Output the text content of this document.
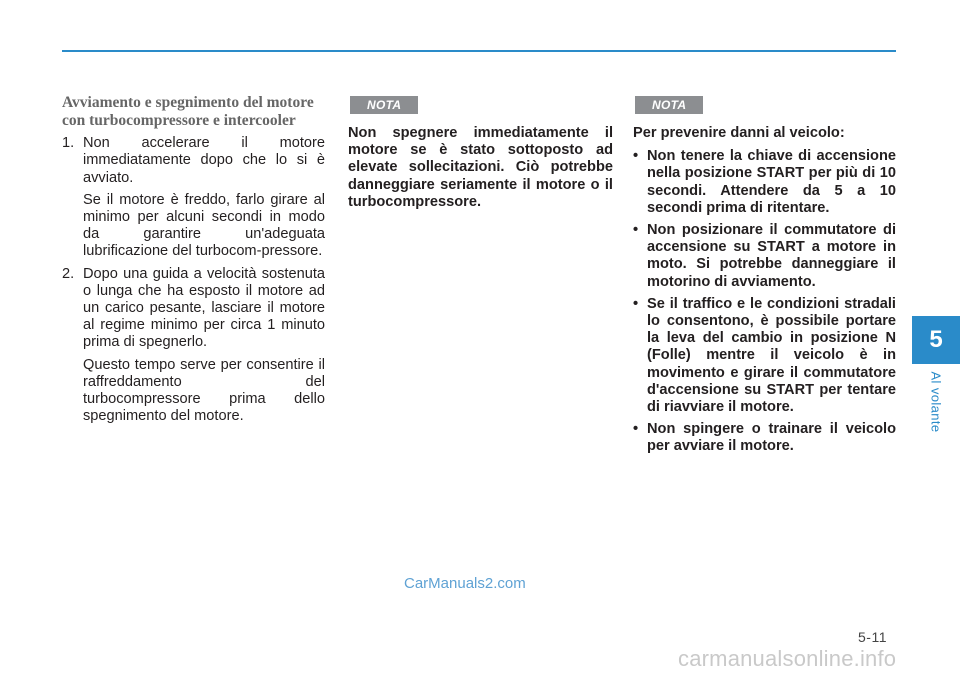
Avviamento e spegnimento del motore con turbocompressore e intercooler
1. Non accelerare il motore immediatamente dopo che lo si è avviato.

Se il motore è freddo, farlo girare al minimo per alcuni secondi in modo da garantire un'adeguata lubrificazione del turbocom-pressore.

2. Dopo una guida a velocità sostenuta o lunga che ha esposto il motore ad un carico pesante, lasciare il motore al regime minimo per circa 1 minuto prima di spegnerlo.

Questo tempo serve per consentire il raffreddamento del turbocompressore prima dello spegnimento del motore.

NOTA

Non spegnere immediatamente il motore se è stato sottoposto ad elevate sollecitazioni. Ciò potrebbe danneggiare seriamente il motore o il turbocompressore.

NOTA

Per prevenire danni al veicolo:

• Non tenere la chiave di accensione nella posizione START per più di 10 secondi. Attendere da 5 a 10 secondi prima di ritentare.
• Non posizionare il commutatore di accensione su START a motore in moto. Si potrebbe danneggiare il motorino di avviamento.
• Se il traffico e le condizioni stradali lo consentono, è possibile portare la leva del cambio in posizione N (Folle) mentre il veicolo è in movimento e girare il commutatore d'accensione su START per tentare di riavviare il motore.
• Non spingere o trainare il veicolo per avviare il motore.
5
Al volante
CarManuals2.com
5-11
carmanualsonline.info
